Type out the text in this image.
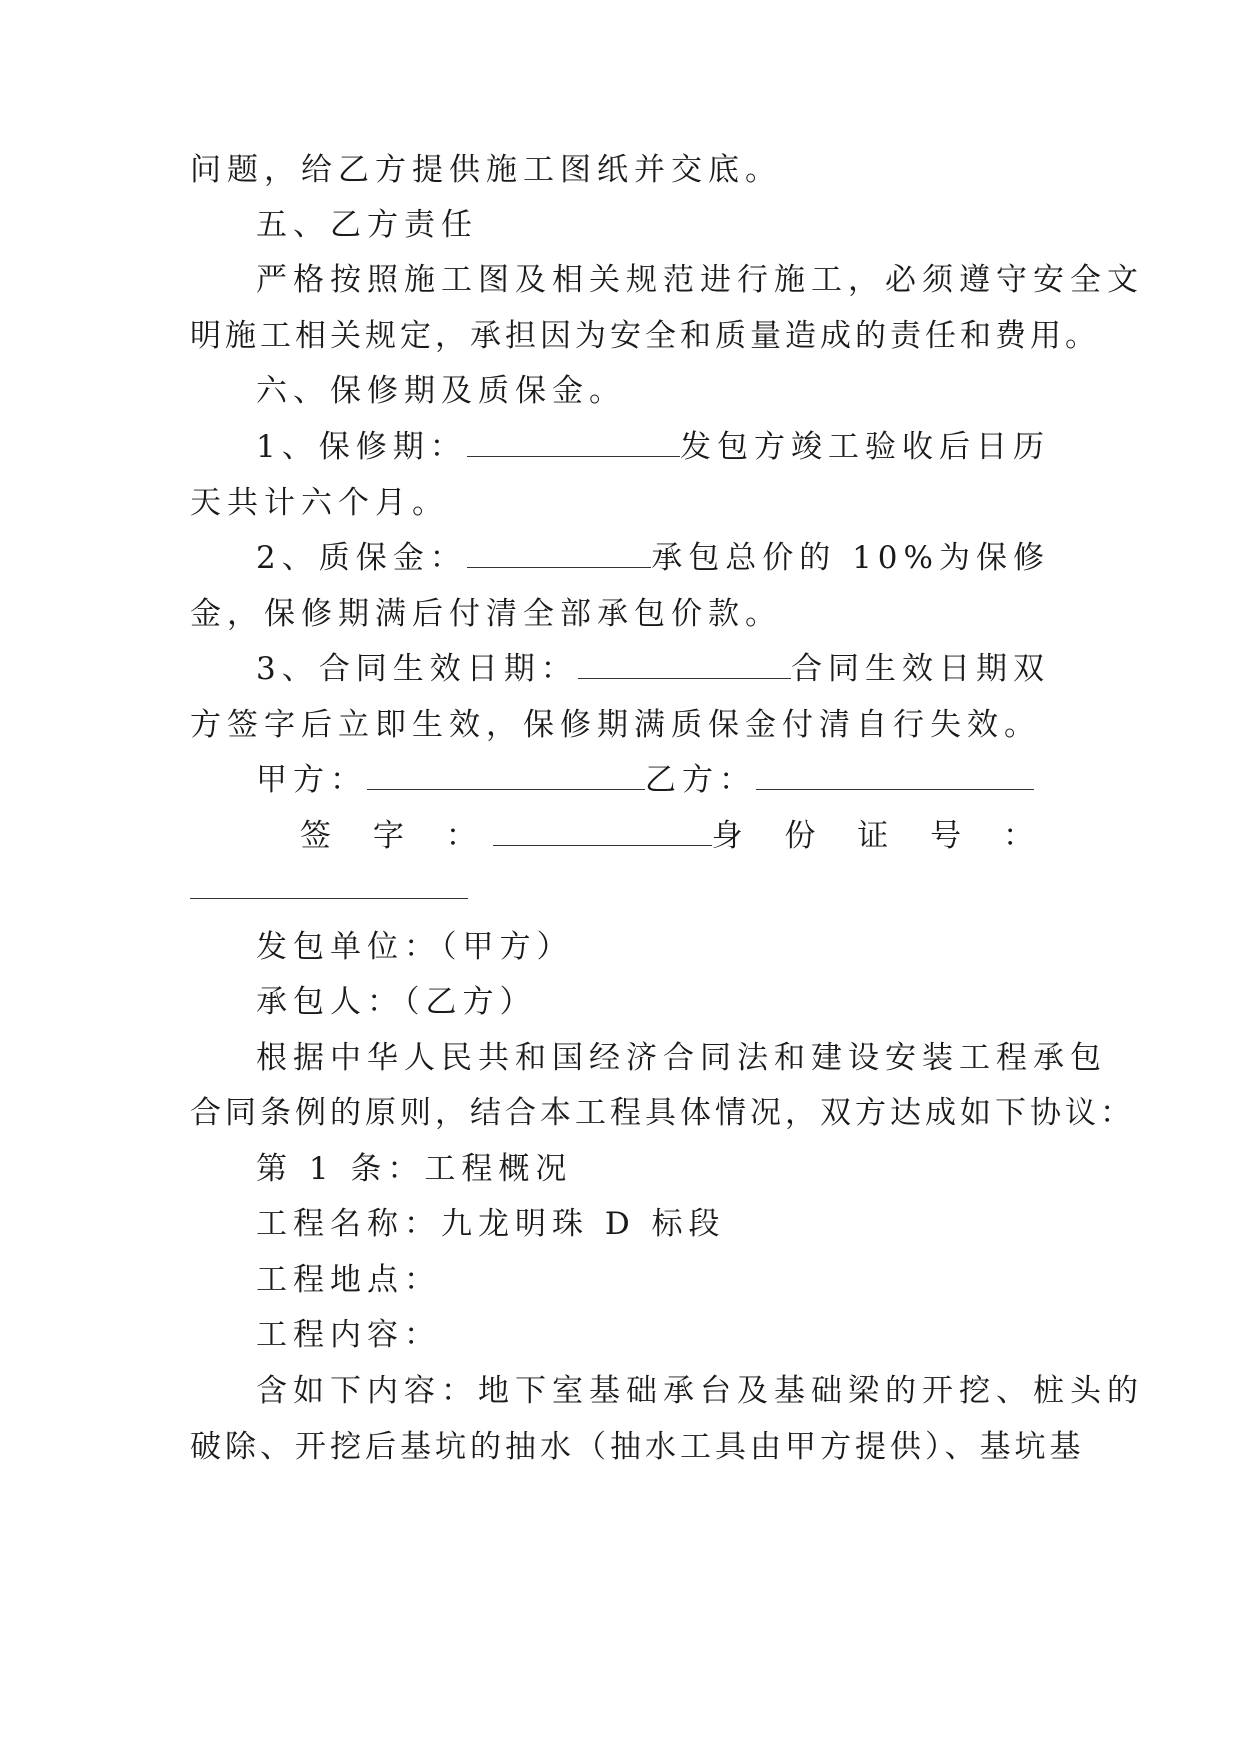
问题，给乙方提供施工图纸并交底。
五、乙方责任
严格按照施工图及相关规范进行施工，必须遵守安全文
明施工相关规定，承担因为安全和质量造成的责任和费用。
六、保修期及质保金。
1、保修期：	发包方竣工验收后日历
天共计六个月。
2、质保金：	承包总价的 10%为保修
金，保修期满后付清全部承包价款。
3、合同生效日期：	合同生效日期双
方签字后立即生效，保修期满质保金付清自行失效。
甲方：	乙方：
签 字 ：	身 份 证 号 ：
发包单位：（甲方）
承包人：（乙方）
根据中华人民共和国经济合同法和建设安装工程承包
合同条例的原则，结合本工程具体情况，双方达成如下协议：
第 1 条：工程概况
工程名称：九龙明珠 D 标段
工程地点：
工程内容：
含如下内容：地下室基础承台及基础梁的开挖、桩头的
破除、开挖后基坑的抽水（抽水工具由甲方提供）、基坑基
